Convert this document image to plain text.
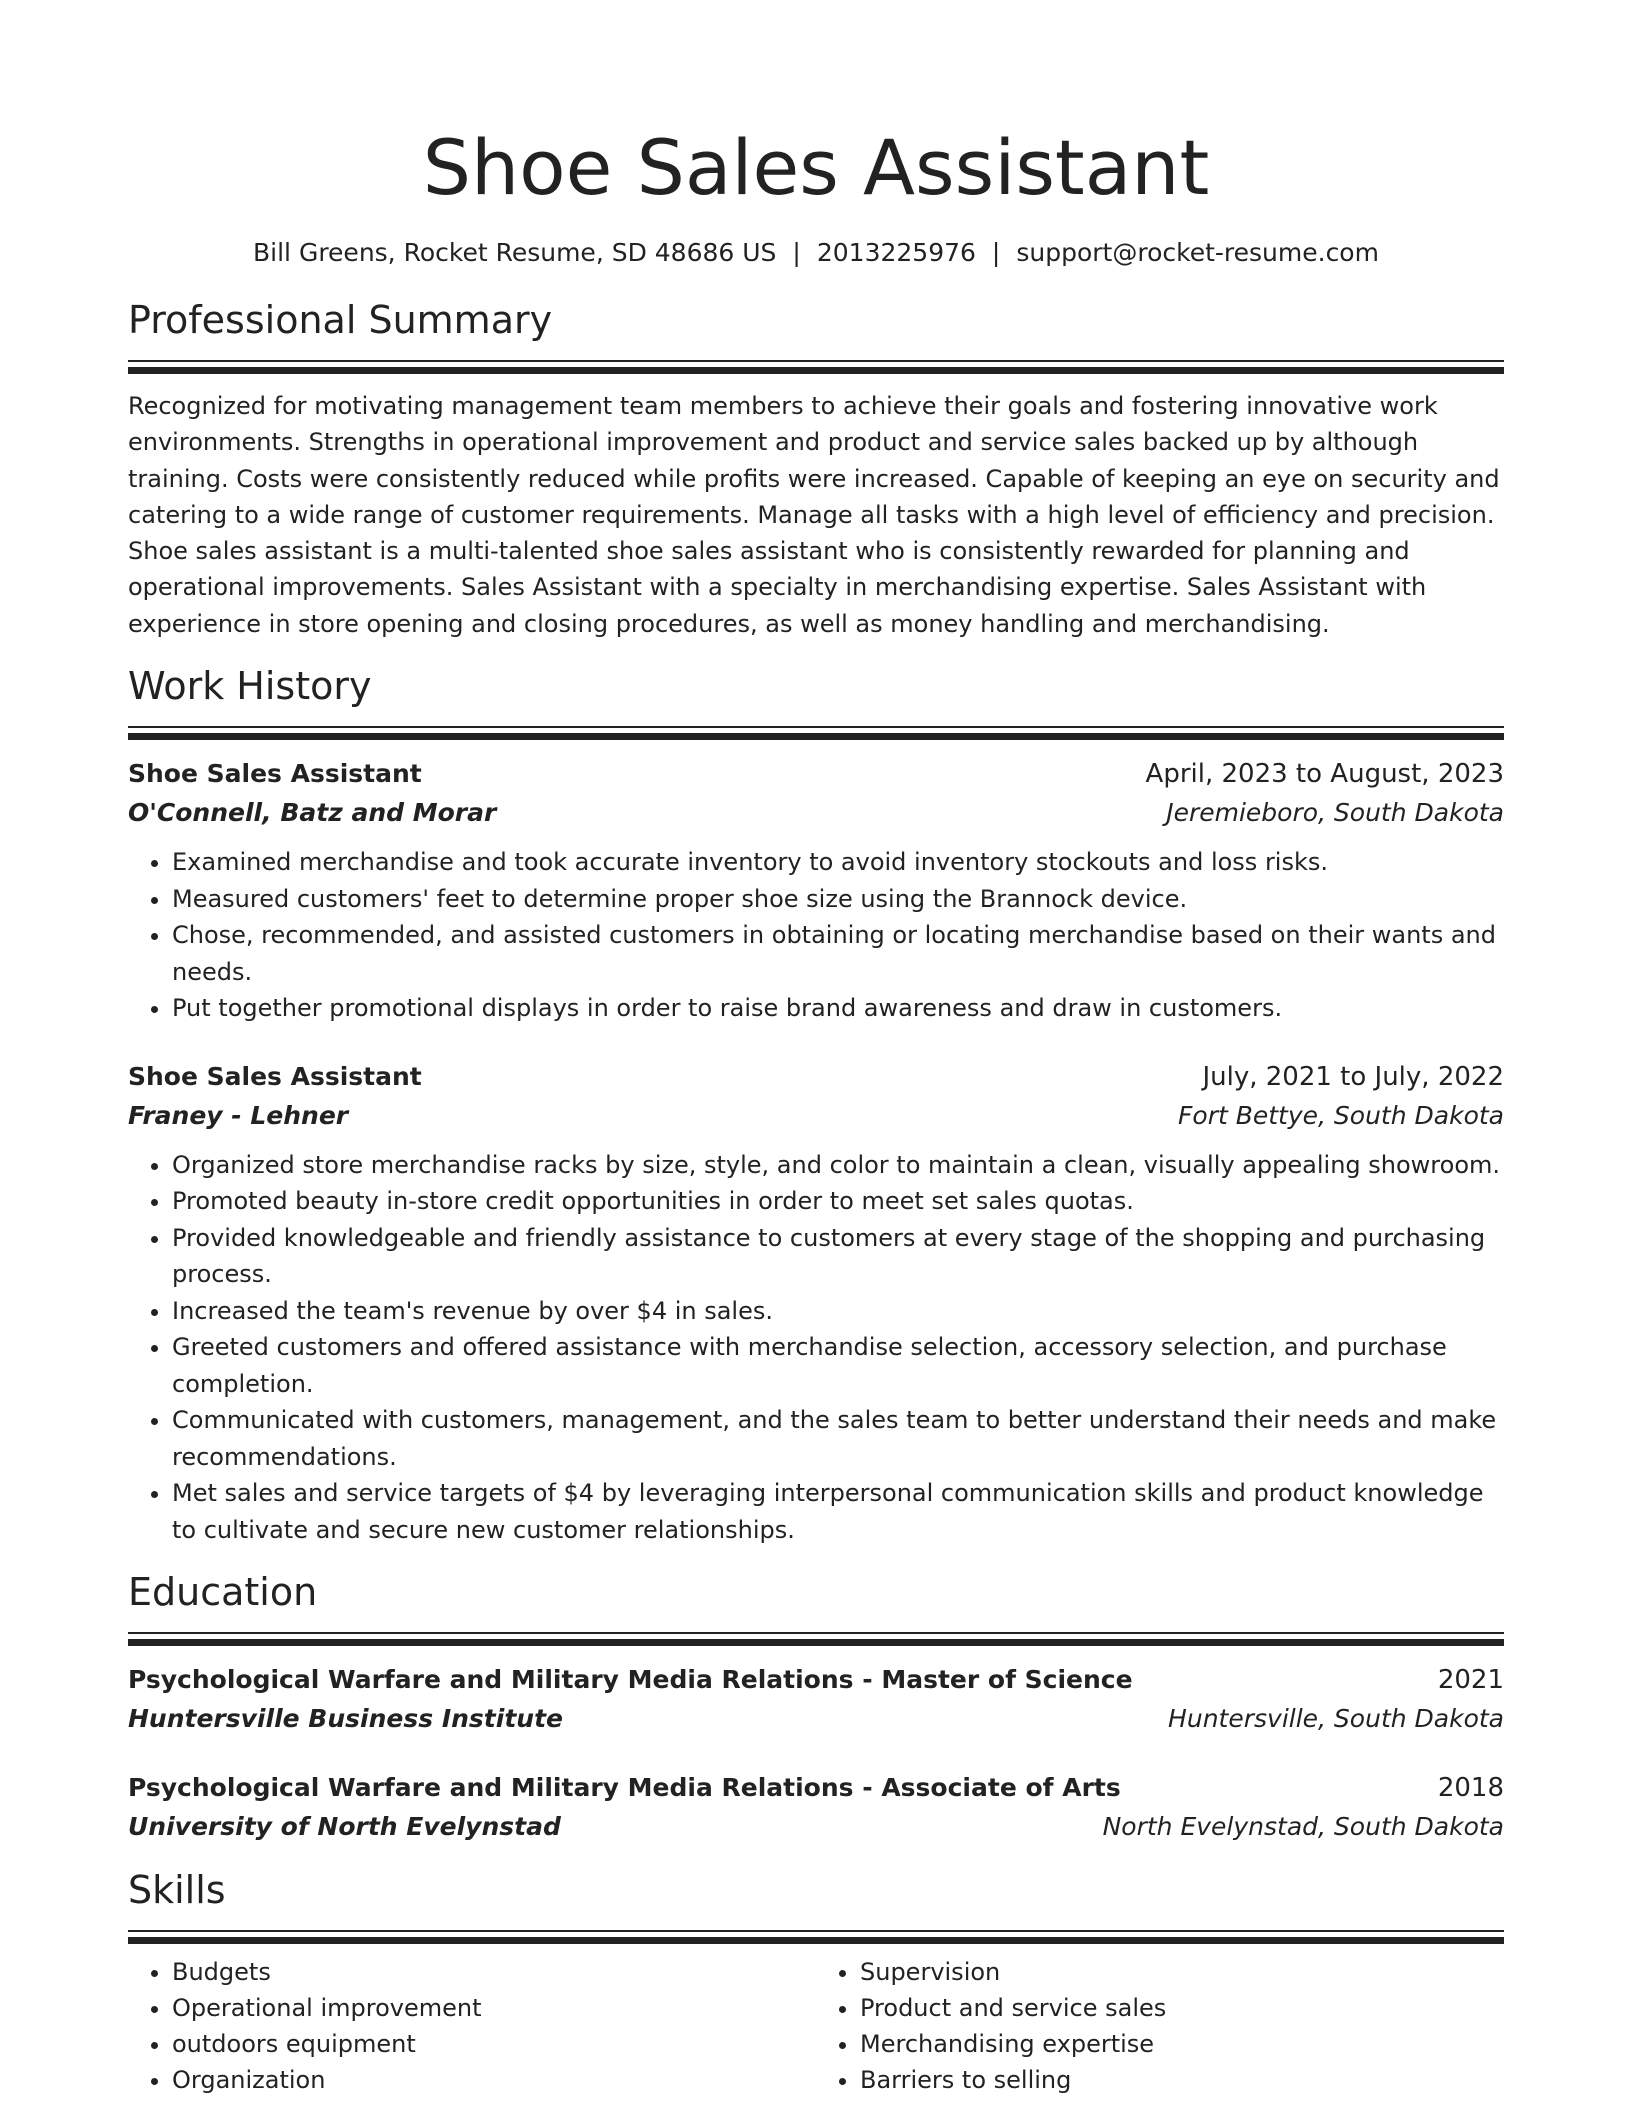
Shoe Sales Assistant
Bill Greens, Rocket Resume, SD 48686 US | 2013225976 | support@rocket-resume.com
Professional Summary
Recognized for motivating management team members to achieve their goals and fostering innovative work environments. Strengths in operational improvement and product and service sales backed up by although training. Costs were consistently reduced while profits were increased. Capable of keeping an eye on security and catering to a wide range of customer requirements. Manage all tasks with a high level of efficiency and precision. Shoe sales assistant is a multi-talented shoe sales assistant who is consistently rewarded for planning and operational improvements. Sales Assistant with a specialty in merchandising expertise. Sales Assistant with experience in store opening and closing procedures, as well as money handling and merchandising.
Work History
Shoe Sales Assistant	April, 2023 to August, 2023
O'Connell, Batz and Morar	Jeremieboro, South Dakota
• Examined merchandise and took accurate inventory to avoid inventory stockouts and loss risks.
• Measured customers' feet to determine proper shoe size using the Brannock device.
• Chose, recommended, and assisted customers in obtaining or locating merchandise based on their wants and needs.
• Put together promotional displays in order to raise brand awareness and draw in customers.
Shoe Sales Assistant	July, 2021 to July, 2022
Franey - Lehner	Fort Bettye, South Dakota
• Organized store merchandise racks by size, style, and color to maintain a clean, visually appealing showroom.
• Promoted beauty in-store credit opportunities in order to meet set sales quotas.
• Provided knowledgeable and friendly assistance to customers at every stage of the shopping and purchasing process.
• Increased the team's revenue by over $4 in sales.
• Greeted customers and offered assistance with merchandise selection, accessory selection, and purchase completion.
• Communicated with customers, management, and the sales team to better understand their needs and make recommendations.
• Met sales and service targets of $4 by leveraging interpersonal communication skills and product knowledge to cultivate and secure new customer relationships.
Education
Psychological Warfare and Military Media Relations - Master of Science	2021
Huntersville Business Institute	Huntersville, South Dakota
Psychological Warfare and Military Media Relations - Associate of Arts	2018
University of North Evelynstad	North Evelynstad, South Dakota
Skills
• Budgets
• Operational improvement
• outdoors equipment
• Organization
• Supervision
• Product and service sales
• Merchandising expertise
• Barriers to selling
